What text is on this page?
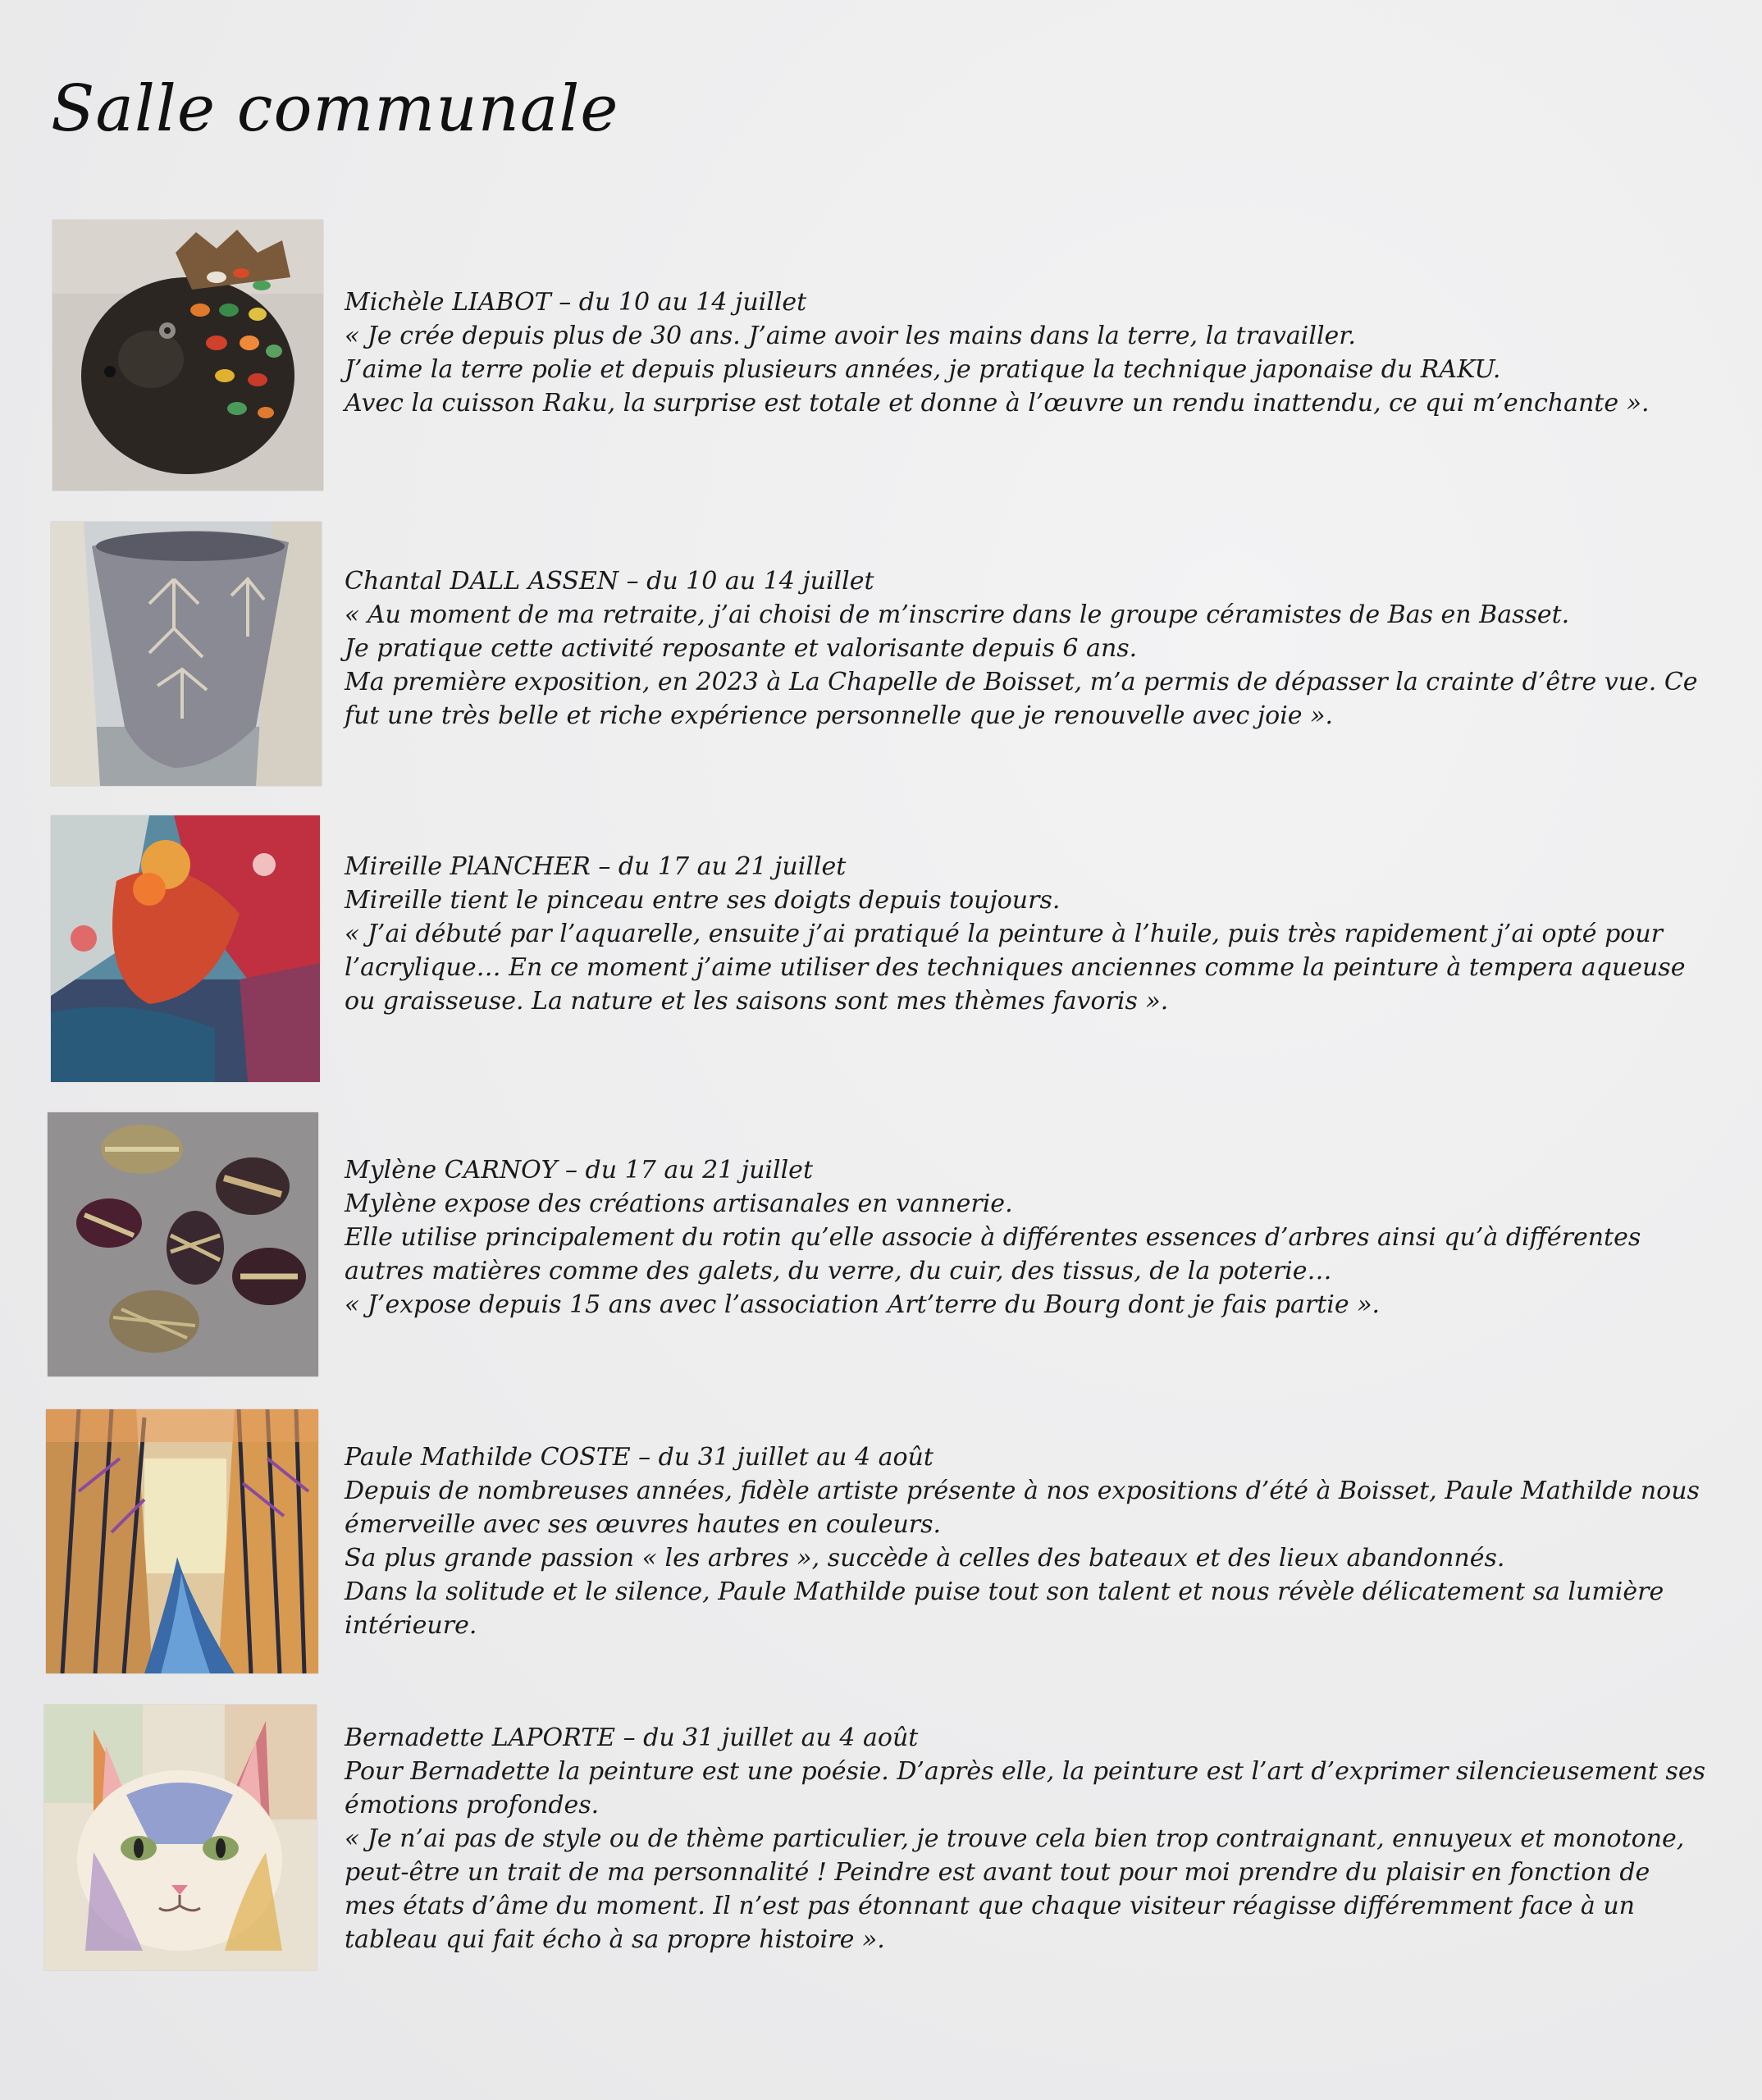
Salle communale

Michèle LIABOT – du 10 au 14 juillet

« Je crée depuis plus de 30 ans. J’aime avoir les mains dans la terre, la travailler.

J’aime la terre polie et depuis plusieurs années, je pratique la technique japonaise du RAKU.

Avec la cuisson Raku, la surprise est totale et donne à l’œuvre un rendu inattendu, ce qui m’enchante ».

Chantal DALL ASSEN – du 10 au 14 juillet

« Au moment de ma retraite, j’ai choisi de m’inscrire dans le groupe céramistes de Bas en Basset.

Je pratique cette activité reposante et valorisante depuis 6 ans.

Ma première exposition, en 2023 à La Chapelle de Boisset, m’a permis de dépasser la crainte d’être vue. Ce fut une très belle et riche expérience personnelle que je renouvelle avec joie ».

Mireille PlANCHER – du 17 au 21 juillet

Mireille tient le pinceau entre ses doigts depuis toujours.

« J’ai débuté par l’aquarelle, ensuite j’ai pratiqué la peinture à l’huile, puis très rapidement j’ai opté pour l’acrylique… En ce moment j’aime utiliser des techniques anciennes comme la peinture à tempera aqueuse ou graisseuse. La nature et les saisons sont mes thèmes favoris ».

Mylène CARNOY – du 17 au 21 juillet

Mylène expose des créations artisanales en vannerie.

Elle utilise principalement du rotin qu’elle associe à différentes essences d’arbres ainsi qu’à différentes autres matières comme des galets, du verre, du cuir, des tissus, de la poterie…

« J’expose depuis 15 ans avec l’association Art’terre du Bourg dont je fais partie ».

Paule Mathilde COSTE – du 31 juillet au 4 août

Depuis de nombreuses années, fidèle artiste présente à nos expositions d’été à Boisset, Paule Mathilde nous émerveille avec ses œuvres hautes en couleurs.

Sa plus grande passion « les arbres », succède à celles des bateaux et des lieux abandonnés.

Dans la solitude et le silence, Paule Mathilde puise tout son talent et nous révèle délicatement sa lumière intérieure.

Bernadette LAPORTE – du 31 juillet au 4 août

Pour Bernadette la peinture est une poésie. D’après elle, la peinture est l’art d’exprimer silencieusement ses émotions profondes.

« Je n’ai pas de style ou de thème particulier, je trouve cela bien trop contraignant, ennuyeux et monotone, peut-être un trait de ma personnalité ! Peindre est avant tout pour moi prendre du plaisir en fonction de mes états d’âme du moment. Il n’est pas étonnant que chaque visiteur réagisse différemment face à un tableau qui fait écho à sa propre histoire ».
